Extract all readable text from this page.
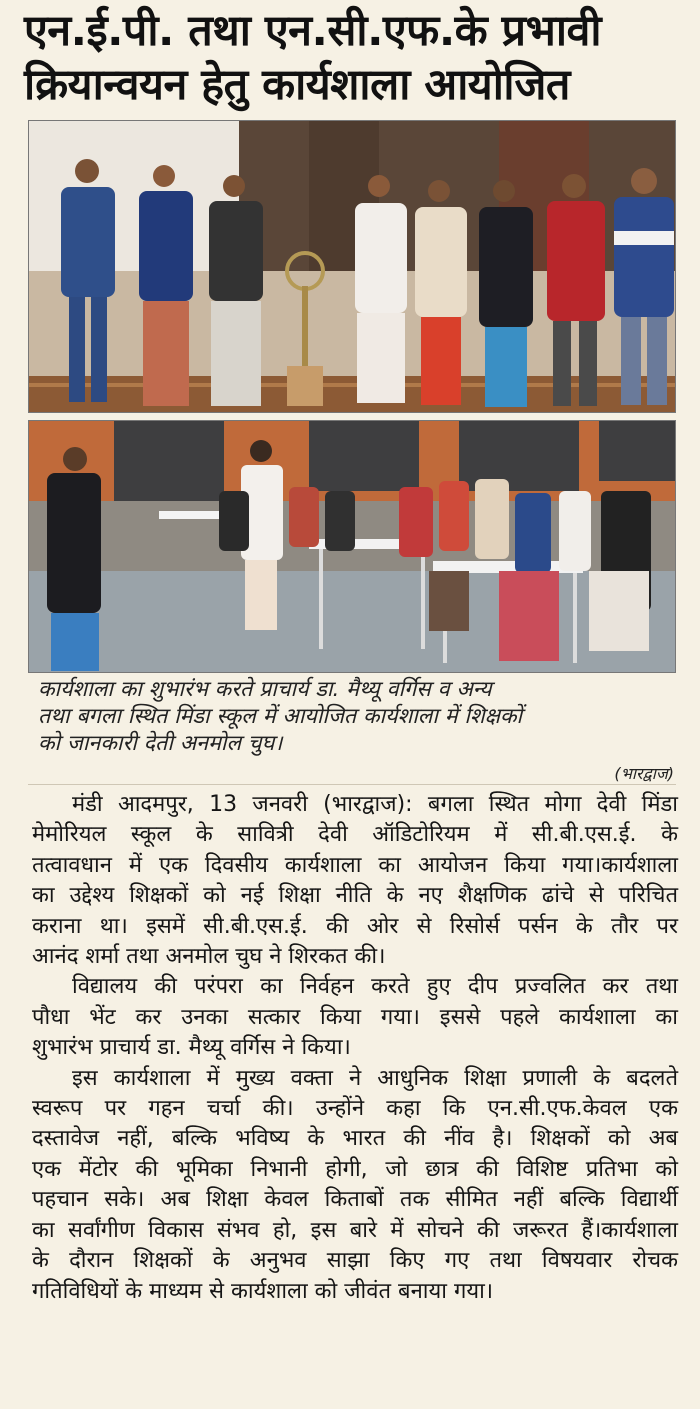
एन.ई.पी. तथा एन.सी.एफ.के प्रभावी
क्रियान्वयन हेतु कार्यशाला आयोजित
कार्यशाला का शुभारंभ करते प्राचार्य डा. मैथ्यू वर्गिस व अन्य
तथा बगला स्थित मिंडा स्कूल में आयोजित कार्यशाला में शिक्षकों
को जानकारी देती अनमोल चुघ।
(भारद्वाज)
मंडी आदमपुर, 13 जनवरी (भारद्वाज): बगला स्थित मोगा देवी मिंडा
मेमोरियल स्कूल के सावित्री देवी ऑडिटोरियम में सी.बी.एस.ई. के
तत्वावधान में एक दिवसीय कार्यशाला का आयोजन किया गया।कार्यशाला
का उद्देश्य शिक्षकों को नई शिक्षा नीति के नए शैक्षणिक ढांचे से परिचित
कराना था। इसमें सी.बी.एस.ई. की ओर से रिसोर्स पर्सन के तौर पर
आनंद शर्मा तथा अनमोल चुघ ने शिरकत की।
विद्यालय की परंपरा का निर्वहन करते हुए दीप प्रज्वलित कर तथा
पौधा भेंट कर उनका सत्कार किया गया। इससे पहले कार्यशाला का
शुभारंभ प्राचार्य डा. मैथ्यू वर्गिस ने किया।
इस कार्यशाला में मुख्य वक्ता ने आधुनिक शिक्षा प्रणाली के बदलते
स्वरूप पर गहन चर्चा की। उन्होंने कहा कि एन.सी.एफ.केवल एक
दस्तावेज नहीं, बल्कि भविष्य के भारत की नींव है। शिक्षकों को अब
एक मेंटोर की भूमिका निभानी होगी, जो छात्र की विशिष्ट प्रतिभा को
पहचान सके। अब शिक्षा केवल किताबों तक सीमित नहीं बल्कि विद्यार्थी
का सर्वांगीण विकास संभव हो, इस बारे में सोचने की जरूरत हैं।कार्यशाला
के दौरान शिक्षकों के अनुभव साझा किए गए तथा विषयवार रोचक
गतिविधियों के माध्यम से कार्यशाला को जीवंत बनाया गया।
